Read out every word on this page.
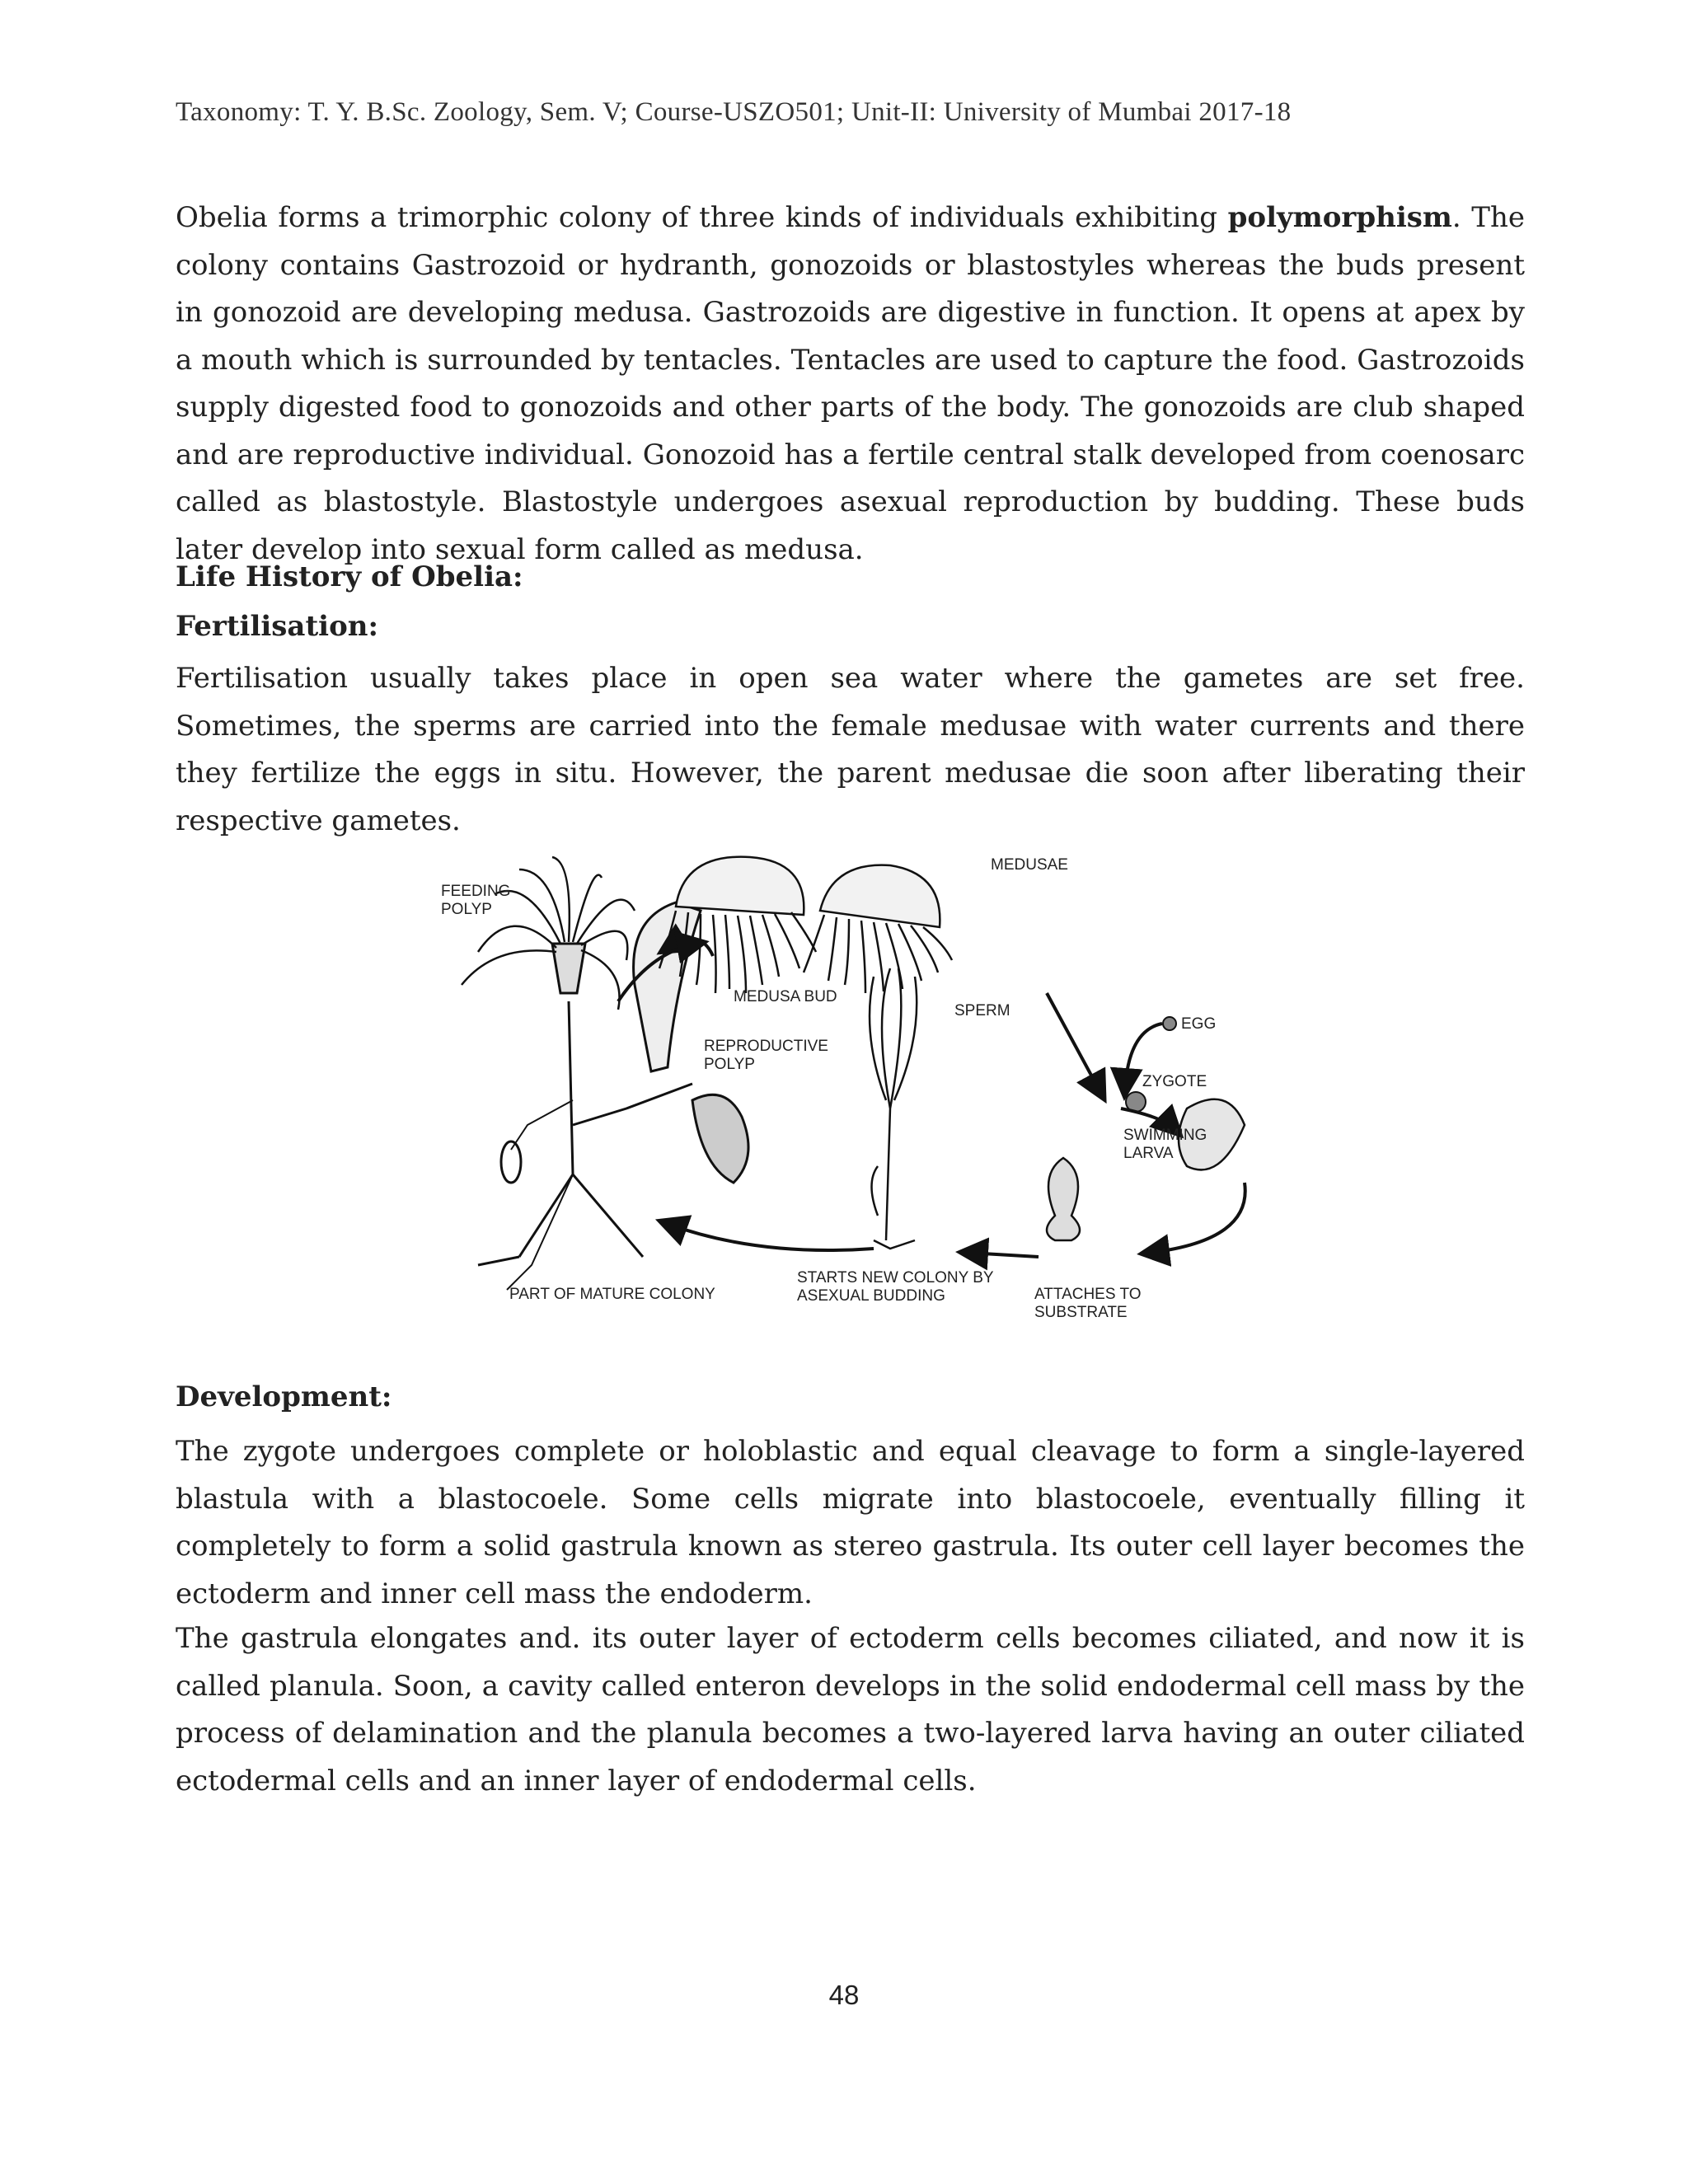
Taxonomy: T. Y. B.Sc. Zoology, Sem. V; Course-USZO501; Unit-II: University of Mumbai 2017-18

Obelia forms a trimorphic colony of three kinds of individuals exhibiting polymorphism. The colony contains Gastrozoid or hydranth, gonozoids or blastostyles whereas the buds present in gonozoid are developing medusa. Gastrozoids are digestive in function. It opens at apex by a mouth which is surrounded by tentacles. Tentacles are used to capture the food. Gastrozoids supply digested food to gonozoids and other parts of the body. The gonozoids are club shaped and are reproductive individual. Gonozoid has a fertile central stalk developed from coenosarc called as blastostyle. Blastostyle undergoes asexual reproduction by budding. These buds later develop into sexual form called as medusa.

Life History of Obelia:
Fertilisation:

Fertilisation usually takes place in open sea water where the gametes are set free. Sometimes, the sperms are carried into the female medusae with water currents and there they fertilize the eggs in situ. However, the parent medusae die soon after liberating their respective gametes.

FEEDING
POLYP
MEDUSAE
MEDUSA BUD
SPERM
EGG
REPRODUCTIVE
POLYP
ZYGOTE
SWIMMING
LARVA
PART OF MATURE COLONY
STARTS NEW COLONY BY
ASEXUAL BUDDING	ATTACHES TO
SUBSTRATE
Development:

The zygote undergoes complete or holoblastic and equal cleavage to form a single-layered blastula with a blastocoele. Some cells migrate into blastocoele, eventually filling it completely to form a solid gastrula known as stereo gastrula. Its outer cell layer becomes the ectoderm and inner cell mass the endoderm.

The gastrula elongates and. its outer layer of ectoderm cells becomes ciliated, and now it is called planula. Soon, a cavity called enteron develops in the solid endodermal cell mass by the process of delamination and the planula becomes a two-layered larva having an outer ciliated ectodermal cells and an inner layer of endodermal cells.

48
